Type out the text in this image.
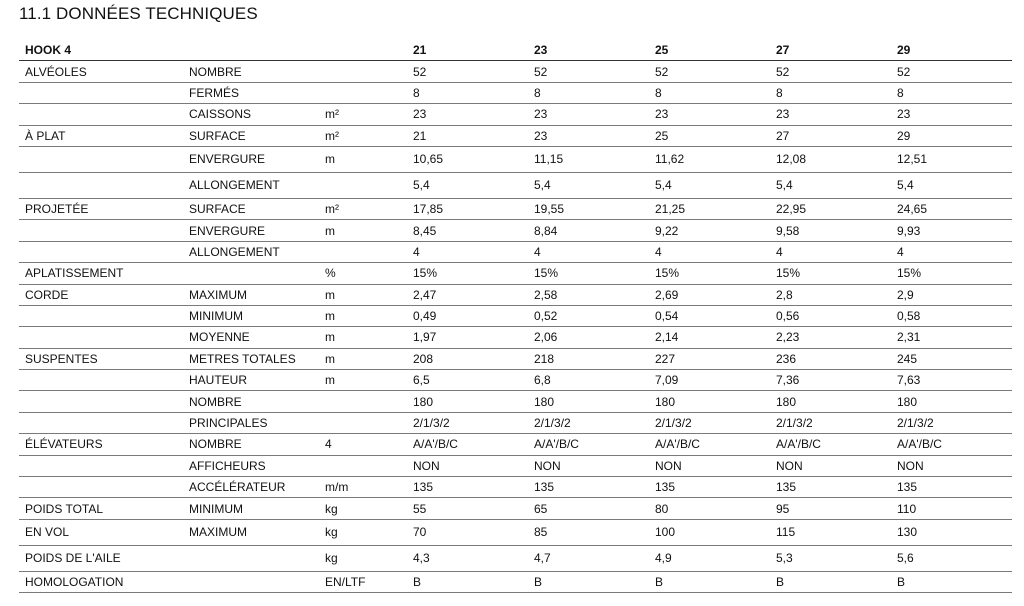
11.1 DONNÉES TECHNIQUES
HOOK 4			21	23	25	27	29
ALVÉOLES	NOMBRE		52	52	52	52	52
	FERMÉS		8	8	8	8	8
	CAISSONS	m²	23	23	23	23	23
À PLAT	SURFACE	m²	21	23	25	27	29
	ENVERGURE	m	10,65	11,15	11,62	12,08	12,51
	ALLONGEMENT		5,4	5,4	5,4	5,4	5,4
PROJETÉE	SURFACE	m²	17,85	19,55	21,25	22,95	24,65
	ENVERGURE	m	8,45	8,84	9,22	9,58	9,93
	ALLONGEMENT		4	4	4	4	4
APLATISSEMENT		%	15%	15%	15%	15%	15%
CORDE	MAXIMUM	m	2,47	2,58	2,69	2,8	2,9
	MINIMUM	m	0,49	0,52	0,54	0,56	0,58
	MOYENNE	m	1,97	2,06	2,14	2,23	2,31
SUSPENTES	METRES TOTALES	m	208	218	227	236	245
	HAUTEUR	m	6,5	6,8	7,09	7,36	7,63
	NOMBRE		180	180	180	180	180
	PRINCIPALES		2/1/3/2	2/1/3/2	2/1/3/2	2/1/3/2	2/1/3/2
ÉLÉVATEURS	NOMBRE	4	A/A'/B/C	A/A'/B/C	A/A'/B/C	A/A'/B/C	A/A'/B/C
	AFFICHEURS		NON	NON	NON	NON	NON
	ACCÉLÉRATEUR	m/m	135	135	135	135	135
POIDS TOTAL	MINIMUM	kg	55	65	80	95	110
EN VOL	MAXIMUM	kg	70	85	100	115	130
POIDS DE L'AILE		kg	4,3	4,7	4,9	5,3	5,6
HOMOLOGATION		EN/LTF	B	B	B	B	B
